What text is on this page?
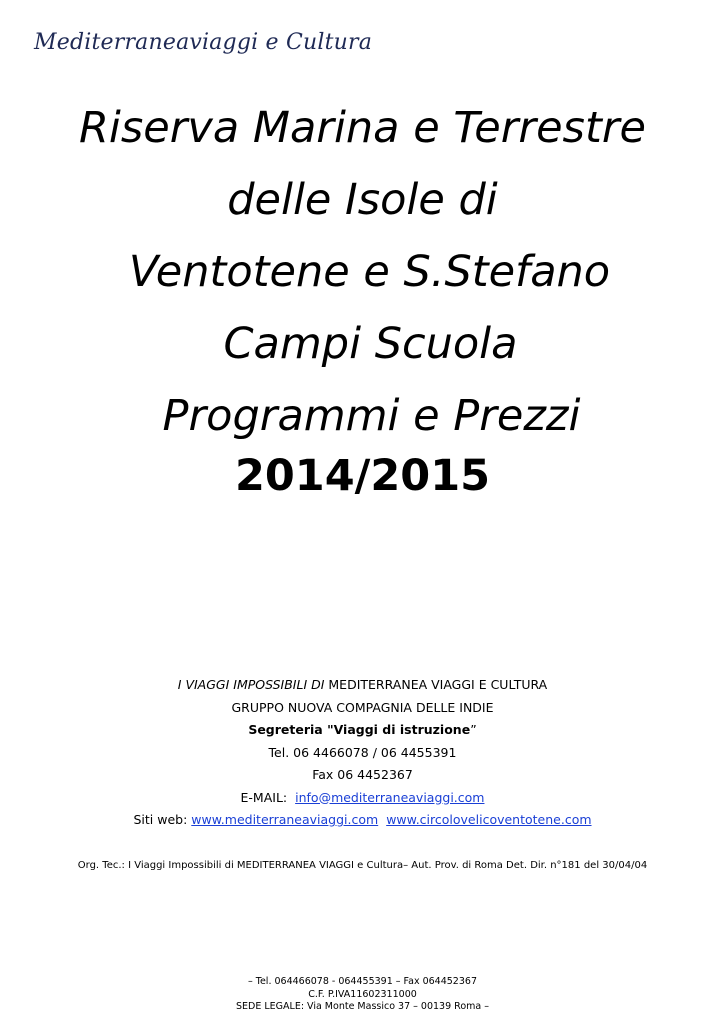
Mediterraneaviaggi e Cultura
Riserva Marina e Terrestre
delle Isole di
Ventotene e S.Stefano
Campi Scuola
Programmi e Prezzi
2014/2015
I VIAGGI IMPOSSIBILI DI MEDITERRANEA VIAGGI E CULTURA
GRUPPO NUOVA COMPAGNIA DELLE INDIE
Segreteria "Viaggi di istruzione”
Tel. 06 4466078 / 06 4455391
Fax 06 4452367
E-MAIL: info@mediterraneaviaggi.com
Siti web: www.mediterraneaviaggi.com www.circolovelicoventotene.com
Org. Tec.: I Viaggi Impossibili di MEDITERRANEA VIAGGI e Cultura– Aut. Prov. di Roma Det. Dir. n°181 del 30/04/04
– Tel. 064466078 - 064455391 – Fax 064452367
C.F. P.IVA11602311000
SEDE LEGALE: Via Monte Massico 37 – 00139 Roma –
